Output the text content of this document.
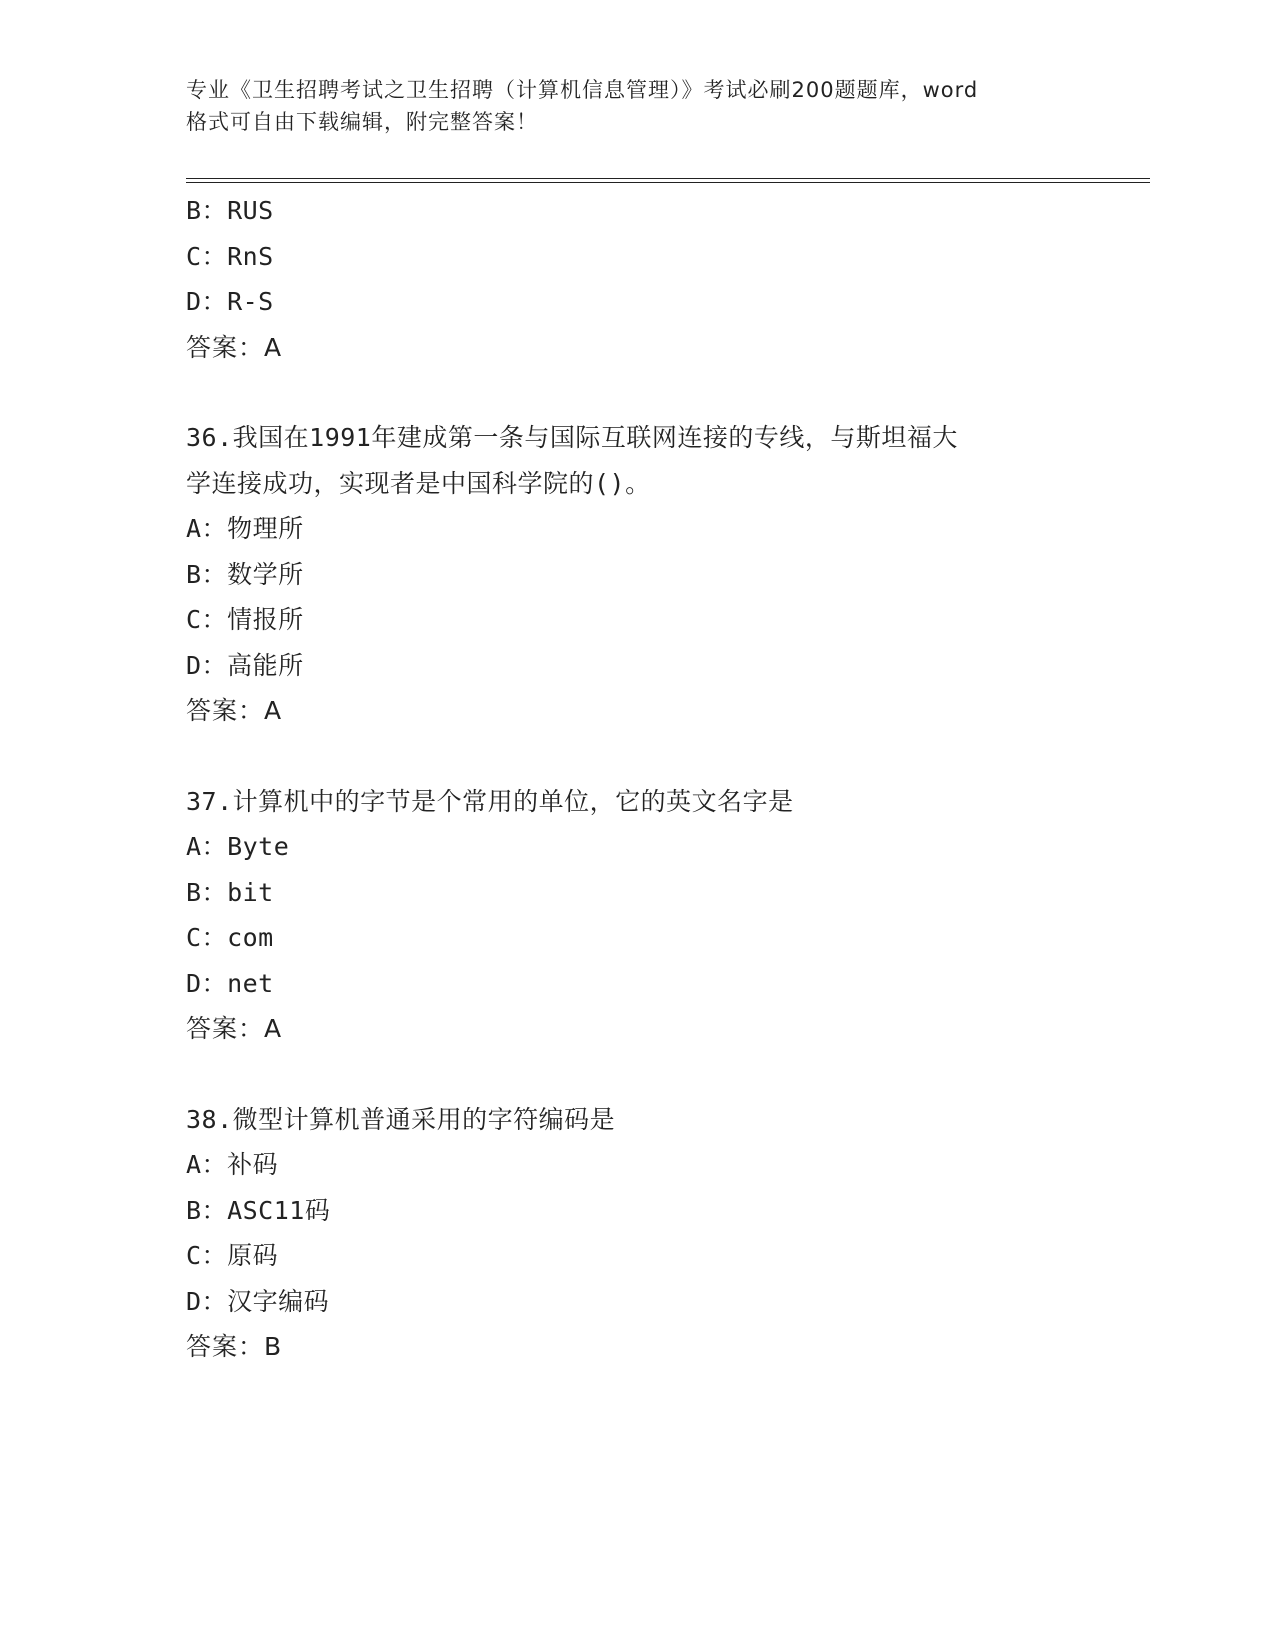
专业《卫生招聘考试之卫生招聘（计算机信息管理）》考试必刷200题题库，word
格式可自由下载编辑，附完整答案！
B：RUS
C：RnS
D：R-S
答案：A
36.我国在1991年建成第一条与国际互联网连接的专线，与斯坦福大
学连接成功，实现者是中国科学院的()。
A：物理所
B：数学所
C：情报所
D：高能所
答案：A
37.计算机中的字节是个常用的单位，它的英文名字是
A：Byte
B：bit
C：com
D：net
答案：A
38.微型计算机普通采用的字符编码是
A：补码
B：ASC11码
C：原码
D：汉字编码
答案：B
